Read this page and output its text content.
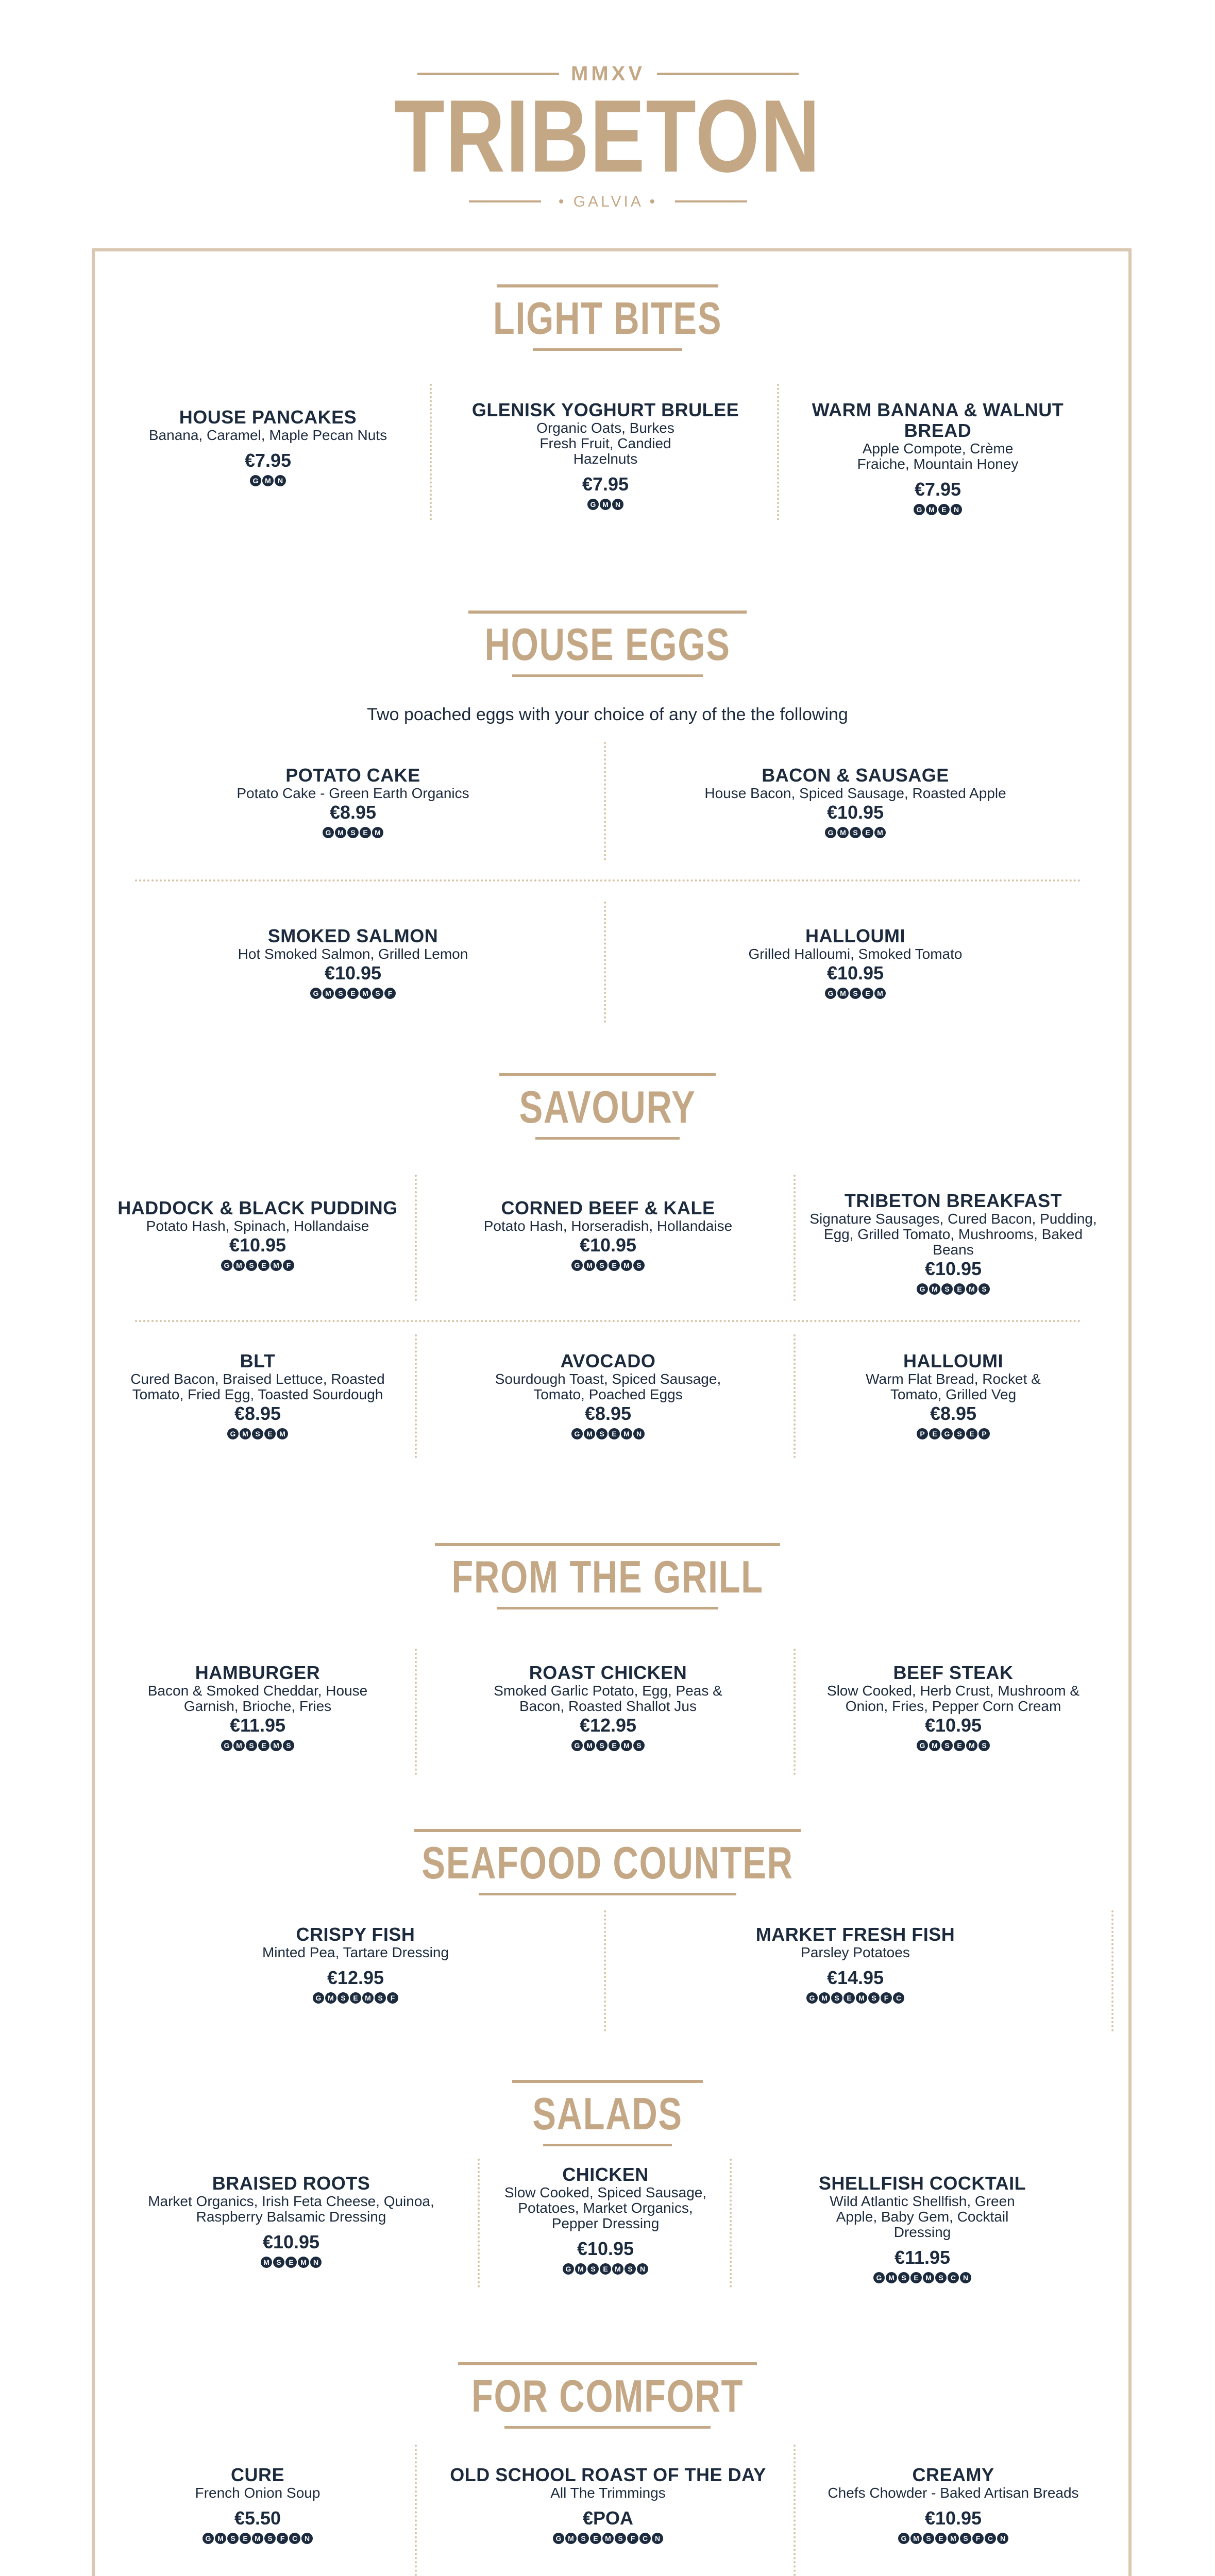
MMXV
TRIBETON
• GALVIA •
LIGHT BITES
HOUSE PANCAKES
Banana, Caramel, Maple Pecan Nuts
€7.95
G M N
GLENISK YOGHURT BRULEE
Organic Oats, Burkes Fresh Fruit, Candied Hazelnuts
€7.95
G M N
WARM BANANA & WALNUT BREAD
Apple Compote, Crème Fraiche, Mountain Honey
€7.95
G M E	N
HOUSE EGGS
Two poached eggs with your choice of any of the the following
POTATO CAKE
Potato Cake - Green Earth Organics
€8.95
G M S	E M
BACON & SAUSAGE
House Bacon, Spiced Sausage, Roasted Apple
€10.95
G M S	E M
SMOKED SALMON
Hot Smoked Salmon, Grilled Lemon
€10.95
G M S	E M S	F
HALLOUMI
Grilled Halloumi, Smoked Tomato
€10.95
G M S	E M
SAVOURY
HADDOCK & BLACK PUDDING
Potato Hash, Spinach, Hollandaise
€10.95
G M S	E M F
CORNED BEEF & KALE
Potato Hash, Horseradish, Hollandaise
€10.95
G M S	E M S
TRIBETON BREAKFAST
Signature Sausages, Cured Bacon, Pudding, Egg, Grilled Tomato, Mushrooms, Baked Beans
€10.95
G M S	E M S
BLT
Cured Bacon, Braised Lettuce, Roasted Tomato, Fried Egg, Toasted Sourdough
€8.95
G M S	E M
AVOCADO
Sourdough Toast, Spiced Sausage, Tomato, Poached Eggs
€8.95
G M S	E M N
HALLOUMI
Warm Flat Bread, Rocket & Tomato, Grilled Veg
€8.95
P	E G S	E	P
FROM THE GRILL
HAMBURGER
Bacon & Smoked Cheddar, House Garnish, Brioche, Fries
€11.95
G M S	E M S
ROAST CHICKEN
Smoked Garlic Potato, Egg, Peas & Bacon, Roasted Shallot Jus
€12.95
G M S	E M S
BEEF STEAK
Slow Cooked, Herb Crust, Mushroom & Onion, Fries, Pepper Corn Cream
€10.95
G M S	E M S
SEAFOOD COUNTER
CRISPY FISH
Minted Pea, Tartare Dressing
€12.95
G M S	E M S	F
MARKET FRESH FISH
Parsley Potatoes
€14.95
G M S	E M S	F	C
SALADS
BRAISED ROOTS
Market Organics, Irish Feta Cheese, Quinoa, Raspberry Balsamic Dressing
€10.95
M S	E M N
CHICKEN
Slow Cooked, Spiced Sausage, Potatoes, Market Organics, Pepper Dressing
€10.95
G M S	E M S	N
SHELLFISH COCKTAIL
Wild Atlantic Shellfish, Green Apple, Baby Gem, Cocktail Dressing
€11.95
G M S	E M S	C N
FOR COMFORT
CURE
French Onion Soup
€5.50
G M S	E M S	F	C N
OLD SCHOOL ROAST OF THE DAY
All The Trimmings
€POA
G M S	E M S	F	C N
CREAMY
Chefs Chowder - Baked Artisan Breads
€10.95
G M S	E M S	F	C N
